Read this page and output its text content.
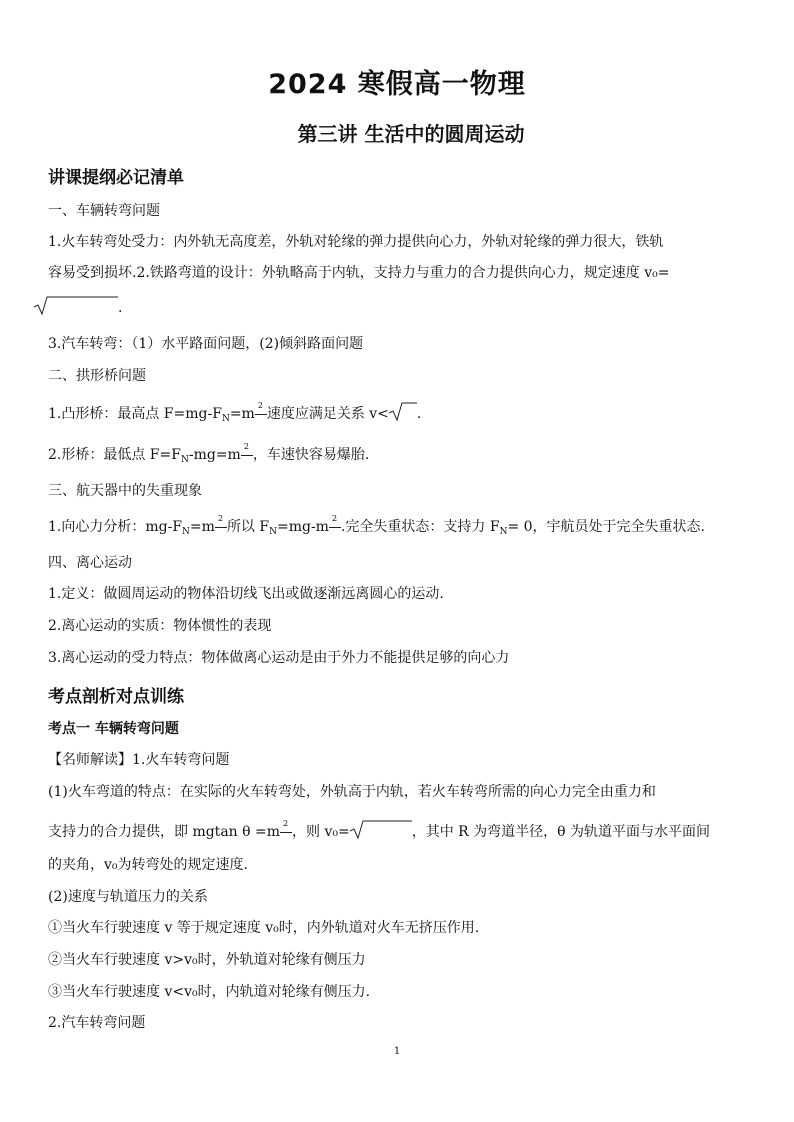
2024 寒假高一物理
第三讲 生活中的圆周运动
讲课提纲必记清单
一、车辆转弯问题
1.火车转弯处受力：内外轨无高度差，外轨对轮缘的弹力提供向心力，外轨对轮缘的弹力很大，铁轨
容易受到损坏.2.铁路弯道的设计：外轨略高于内轨，支持力与重力的合力提供向心力，规定速度 v₀=
.
3.汽车转弯：（1）水平路面问题，(2)倾斜路面问题
二、拱形桥问题
1.凸形桥：最高点 $F=mg-F_N=m$
2
速度应满足关系 v< .
2.形桥：最低点 $F=F_N-mg=m$
2
，车速快容易爆胎.
三、航天器中的失重现象
1.向心力分析：$mg-F_N=m$
2
所以 $F_N=mg-m$
2
.完全失重状态：支持力 $F_N= 0$，宇航员处于完全失重状态.
四、离心运动
1.定义：做圆周运动的物体沿切线飞出或做逐渐远离圆心的运动.
2.离心运动的实质：物体惯性的表现
3.离心运动的受力特点：物体做离心运动是由于外力不能提供足够的向心力
考点剖析对点训练
考点一 车辆转弯问题
【名师解读】1.火车转弯问题
(1)火车弯道的特点：在实际的火车转弯处，外轨高于内轨，若火车转弯所需的向心力完全由重力和
支持力的合力提供，即 mgtan θ =m
2
，则 v₀=	，其中 R 为弯道半径，θ 为轨道平面与水平面间
的夹角，v₀为转弯处的规定速度.
(2)速度与轨道压力的关系
①当火车行驶速度 v 等于规定速度 v₀时，内外轨道对火车无挤压作用.
②当火车行驶速度 v>v₀时，外轨道对轮缘有侧压力
③当火车行驶速度 v<v₀时，内轨道对轮缘有侧压力.
2.汽车转弯问题
1
